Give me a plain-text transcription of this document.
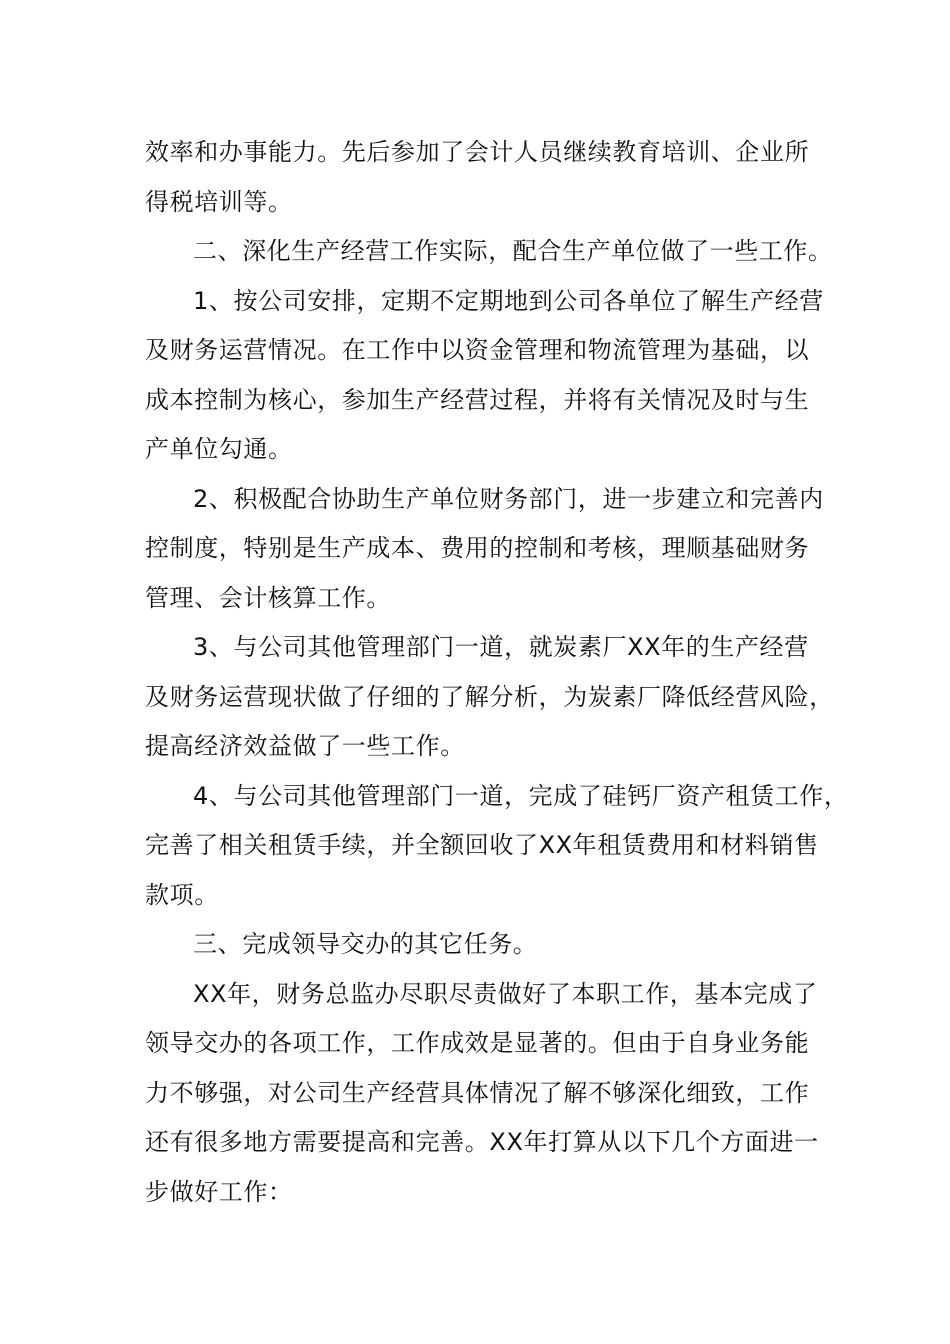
效率和办事能力。先后参加了会计人员继续教育培训、企业所
得税培训等。
二、深化生产经营工作实际，配合生产单位做了一些工作。
1、按公司安排，定期不定期地到公司各单位了解生产经营
及财务运营情况。在工作中以资金管理和物流管理为基础，以
成本控制为核心，参加生产经营过程，并将有关情况及时与生
产单位勾通。
2、积极配合协助生产单位财务部门，进一步建立和完善内
控制度，特别是生产成本、费用的控制和考核，理顺基础财务
管理、会计核算工作。
3、与公司其他管理部门一道，就炭素厂XX年的生产经营
及财务运营现状做了仔细的了解分析，为炭素厂降低经营风险，
提高经济效益做了一些工作。
4、与公司其他管理部门一道，完成了硅钙厂资产租赁工作，
完善了相关租赁手续，并全额回收了XX年租赁费用和材料销售
款项。
三、完成领导交办的其它任务。
XX年，财务总监办尽职尽责做好了本职工作，基本完成了
领导交办的各项工作，工作成效是显著的。但由于自身业务能
力不够强，对公司生产经营具体情况了解不够深化细致，工作
还有很多地方需要提高和完善。XX年打算从以下几个方面进一
步做好工作：
